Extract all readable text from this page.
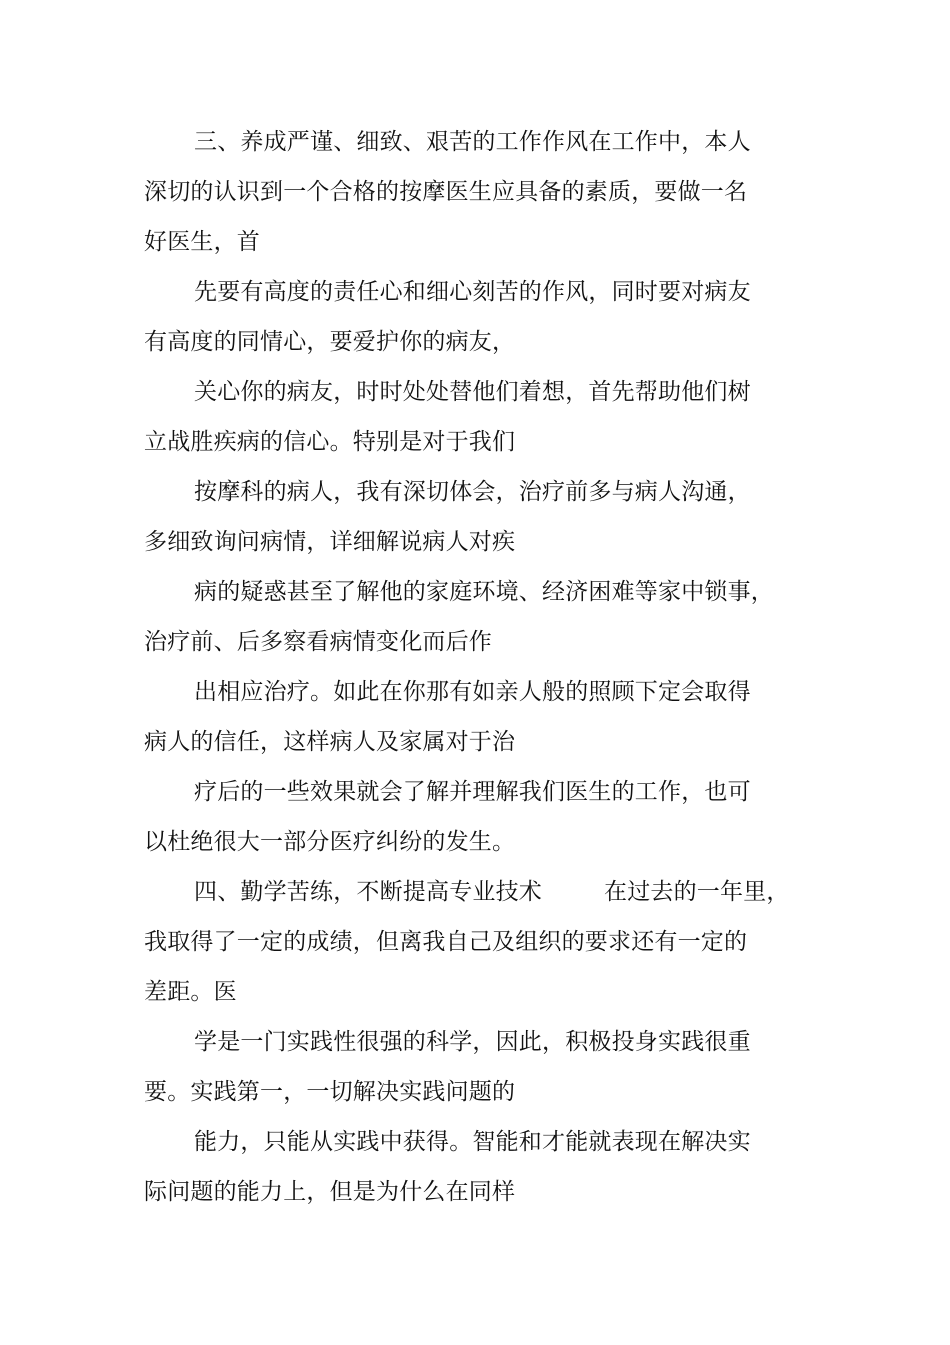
三、养成严谨、细致、艰苦的工作作风在工作中，本人
深切的认识到一个合格的按摩医生应具备的素质，要做一名
好医生，首
先要有高度的责任心和细心刻苦的作风，同时要对病友
有高度的同情心，要爱护你的病友，
关心你的病友，时时处处替他们着想，首先帮助他们树
立战胜疾病的信心。特别是对于我们
按摩科的病人，我有深切体会，治疗前多与病人沟通，
多细致询问病情，详细解说病人对疾
病的疑惑甚至了解他的家庭环境、经济困难等家中锁事，
治疗前、后多察看病情变化而后作
出相应治疗。如此在你那有如亲人般的照顾下定会取得
病人的信任，这样病人及家属对于治
疗后的一些效果就会了解并理解我们医生的工作，也可
以杜绝很大一部分医疗纠纷的发生。
四、勤学苦练，不断提高专业技术	在过去的一年里，
我取得了一定的成绩，但离我自己及组织的要求还有一定的
差距。医
学是一门实践性很强的科学，因此，积极投身实践很重
要。实践第一，一切解决实践问题的
能力，只能从实践中获得。智能和才能就表现在解决实
际问题的能力上，但是为什么在同样
